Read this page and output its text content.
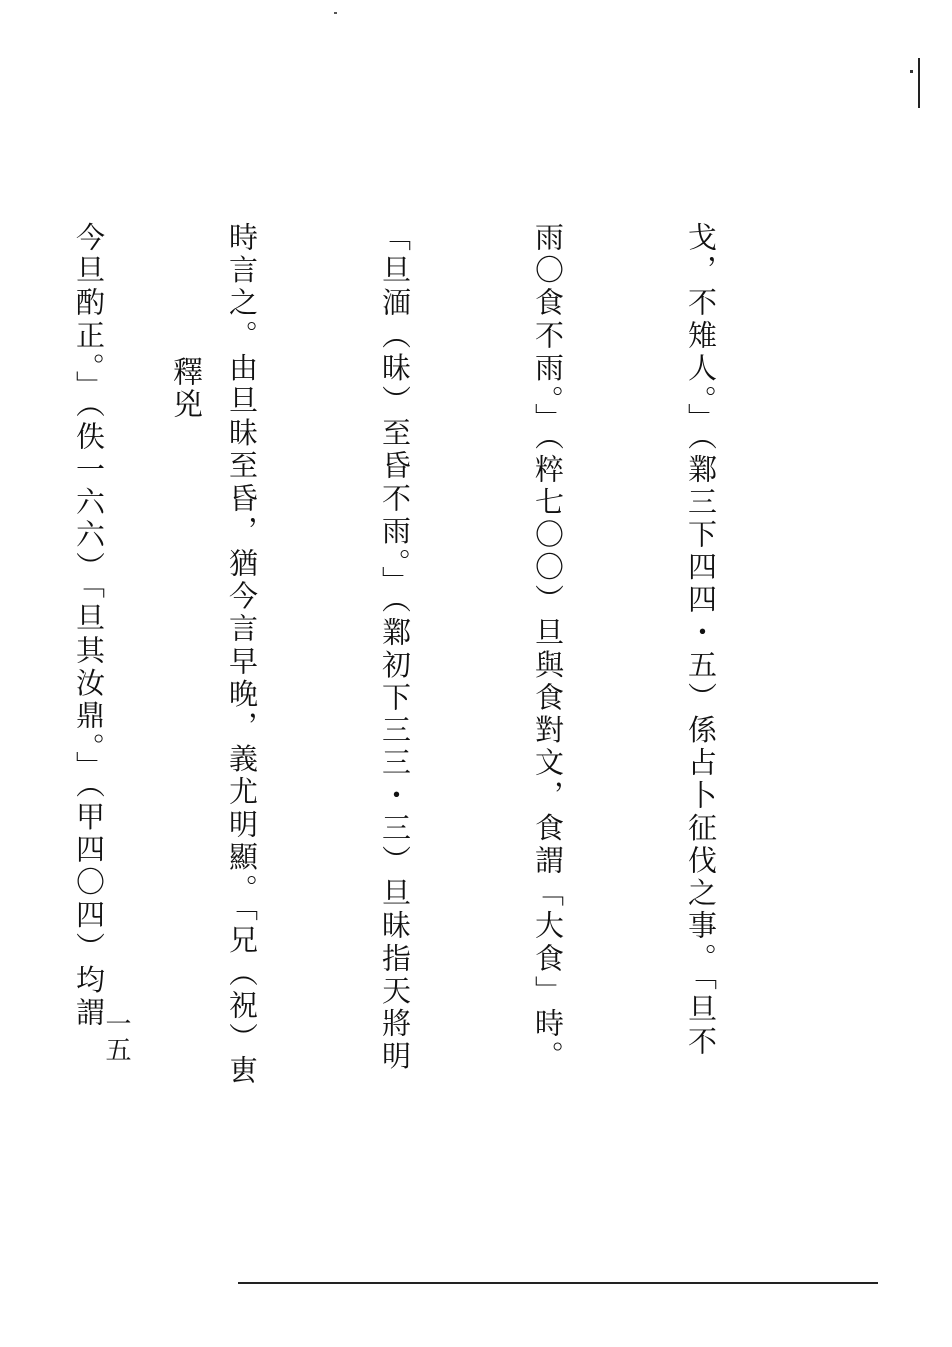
戈，不雉人。」（鄴三下四四・五）係占卜征伐之事。「旦不

雨〇食不雨。」（粹七〇〇）旦與食對文，食謂「大食」時。

「旦湎（昧）至昏不雨。」（鄴初下三三・三）旦昧指天將明

時言之。由旦昧至昏，猶今言早晚，義尤明顯。「兄（祝）叀

今旦酌正。」（佚一六六）「旦其汝鼎。」（甲四〇四）均謂

釋兇
一五
